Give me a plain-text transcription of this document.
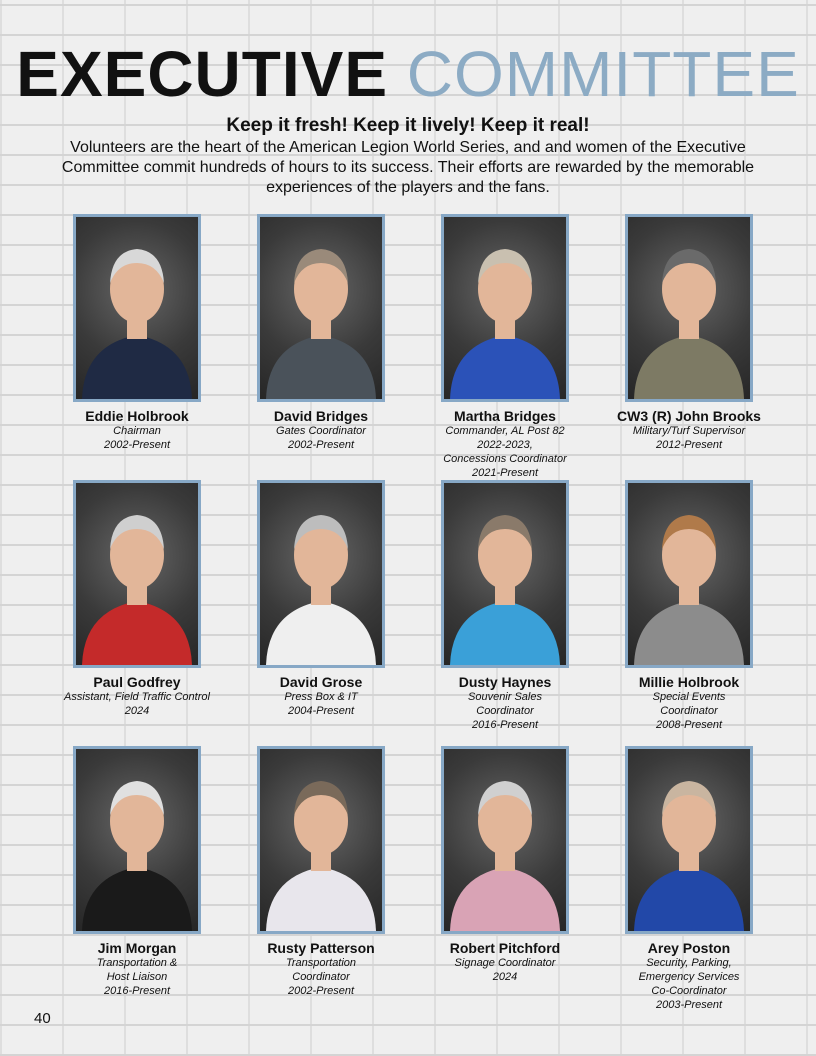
EXECUTIVE COMMITTEE
Keep it fresh! Keep it lively! Keep it real!
Volunteers are the heart of the American Legion World Series, and and women of the Executive Committee commit hundreds of hours to its success. Their efforts are rewarded by the memorable experiences of the players and the fans.
Eddie Holbrook
Chairman
2002-Present
David Bridges
Gates Coordinator
2002-Present
Martha Bridges
Commander, AL Post 82
2022-2023,
Concessions Coordinator
2021-Present
CW3 (R) John Brooks
Military/Turf Supervisor
2012-Present
Paul Godfrey
Assistant, Field Traffic Control
2024
David Grose
Press Box & IT
2004-Present
Dusty Haynes
Souvenir Sales
Coordinator
2016-Present
Millie Holbrook
Special Events
Coordinator
2008-Present
Jim Morgan
Transportation &
Host Liaison
2016-Present
Rusty Patterson
Transportation
Coordinator
2002-Present
Robert Pitchford
Signage Coordinator
2024
Arey Poston
Security, Parking,
Emergency Services
Co-Coordinator
2003-Present
40
